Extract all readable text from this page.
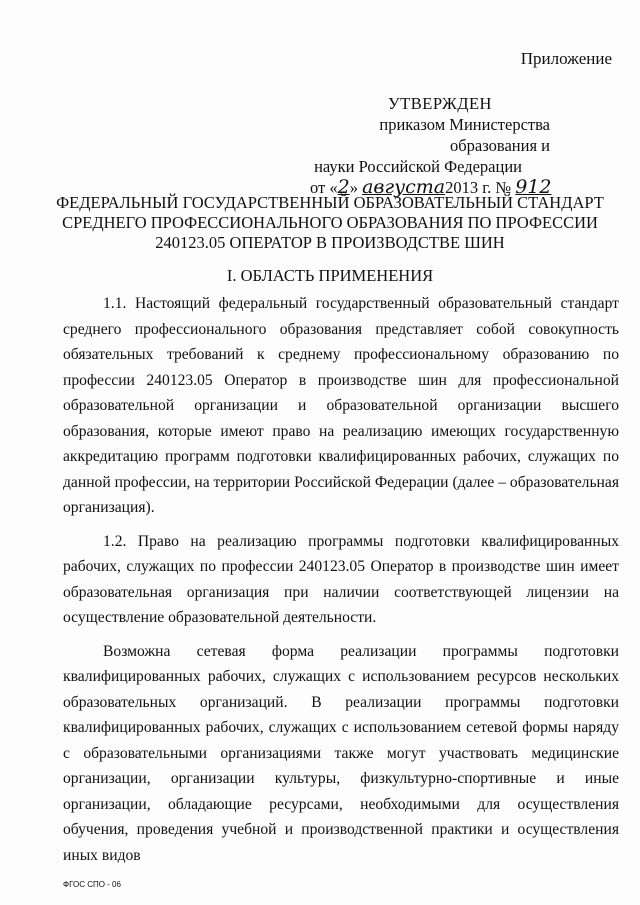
Приложение
УТВЕРЖДЕН
приказом Министерства образования и
науки Российской Федерации
от «2» августа2013 г. № 912
ФЕДЕРАЛЬНЫЙ ГОСУДАРСТВЕННЫЙ ОБРАЗОВАТЕЛЬНЫЙ СТАНДАРТ
СРЕДНЕГО ПРОФЕССИОНАЛЬНОГО ОБРАЗОВАНИЯ ПО ПРОФЕССИИ
240123.05 ОПЕРАТОР В ПРОИЗВОДСТВЕ ШИН
I. ОБЛАСТЬ ПРИМЕНЕНИЯ

1.1. Настоящий федеральный государственный образовательный стандарт среднего профессионального образования представляет собой совокупность обязательных требований к среднему профессиональному образованию по профессии 240123.05 Оператор в производстве шин для профессиональной образовательной организации и образовательной организации высшего образования, которые имеют право на реализацию имеющих государственную аккредитацию программ подготовки квалифицированных рабочих, служащих по данной профессии, на территории Российской Федерации (далее – образовательная организация).

1.2. Право на реализацию программы подготовки квалифицированных рабочих, служащих по профессии 240123.05 Оператор в производстве шин имеет образовательная организация при наличии соответствующей лицензии на осуществление образовательной деятельности.

Возможна сетевая форма реализации программы подготовки квалифицированных рабочих, служащих с использованием ресурсов нескольких образовательных организаций. В реализации программы подготовки квалифицированных рабочих, служащих с использованием сетевой формы наряду с образовательными организациями также могут участвовать медицинские организации, организации культуры, физкультурно-спортивные и иные организации, обладающие ресурсами, необходимыми для осуществления обучения, проведения учебной и производственной практики и осуществления иных видов

ФГОС СПО - 06
